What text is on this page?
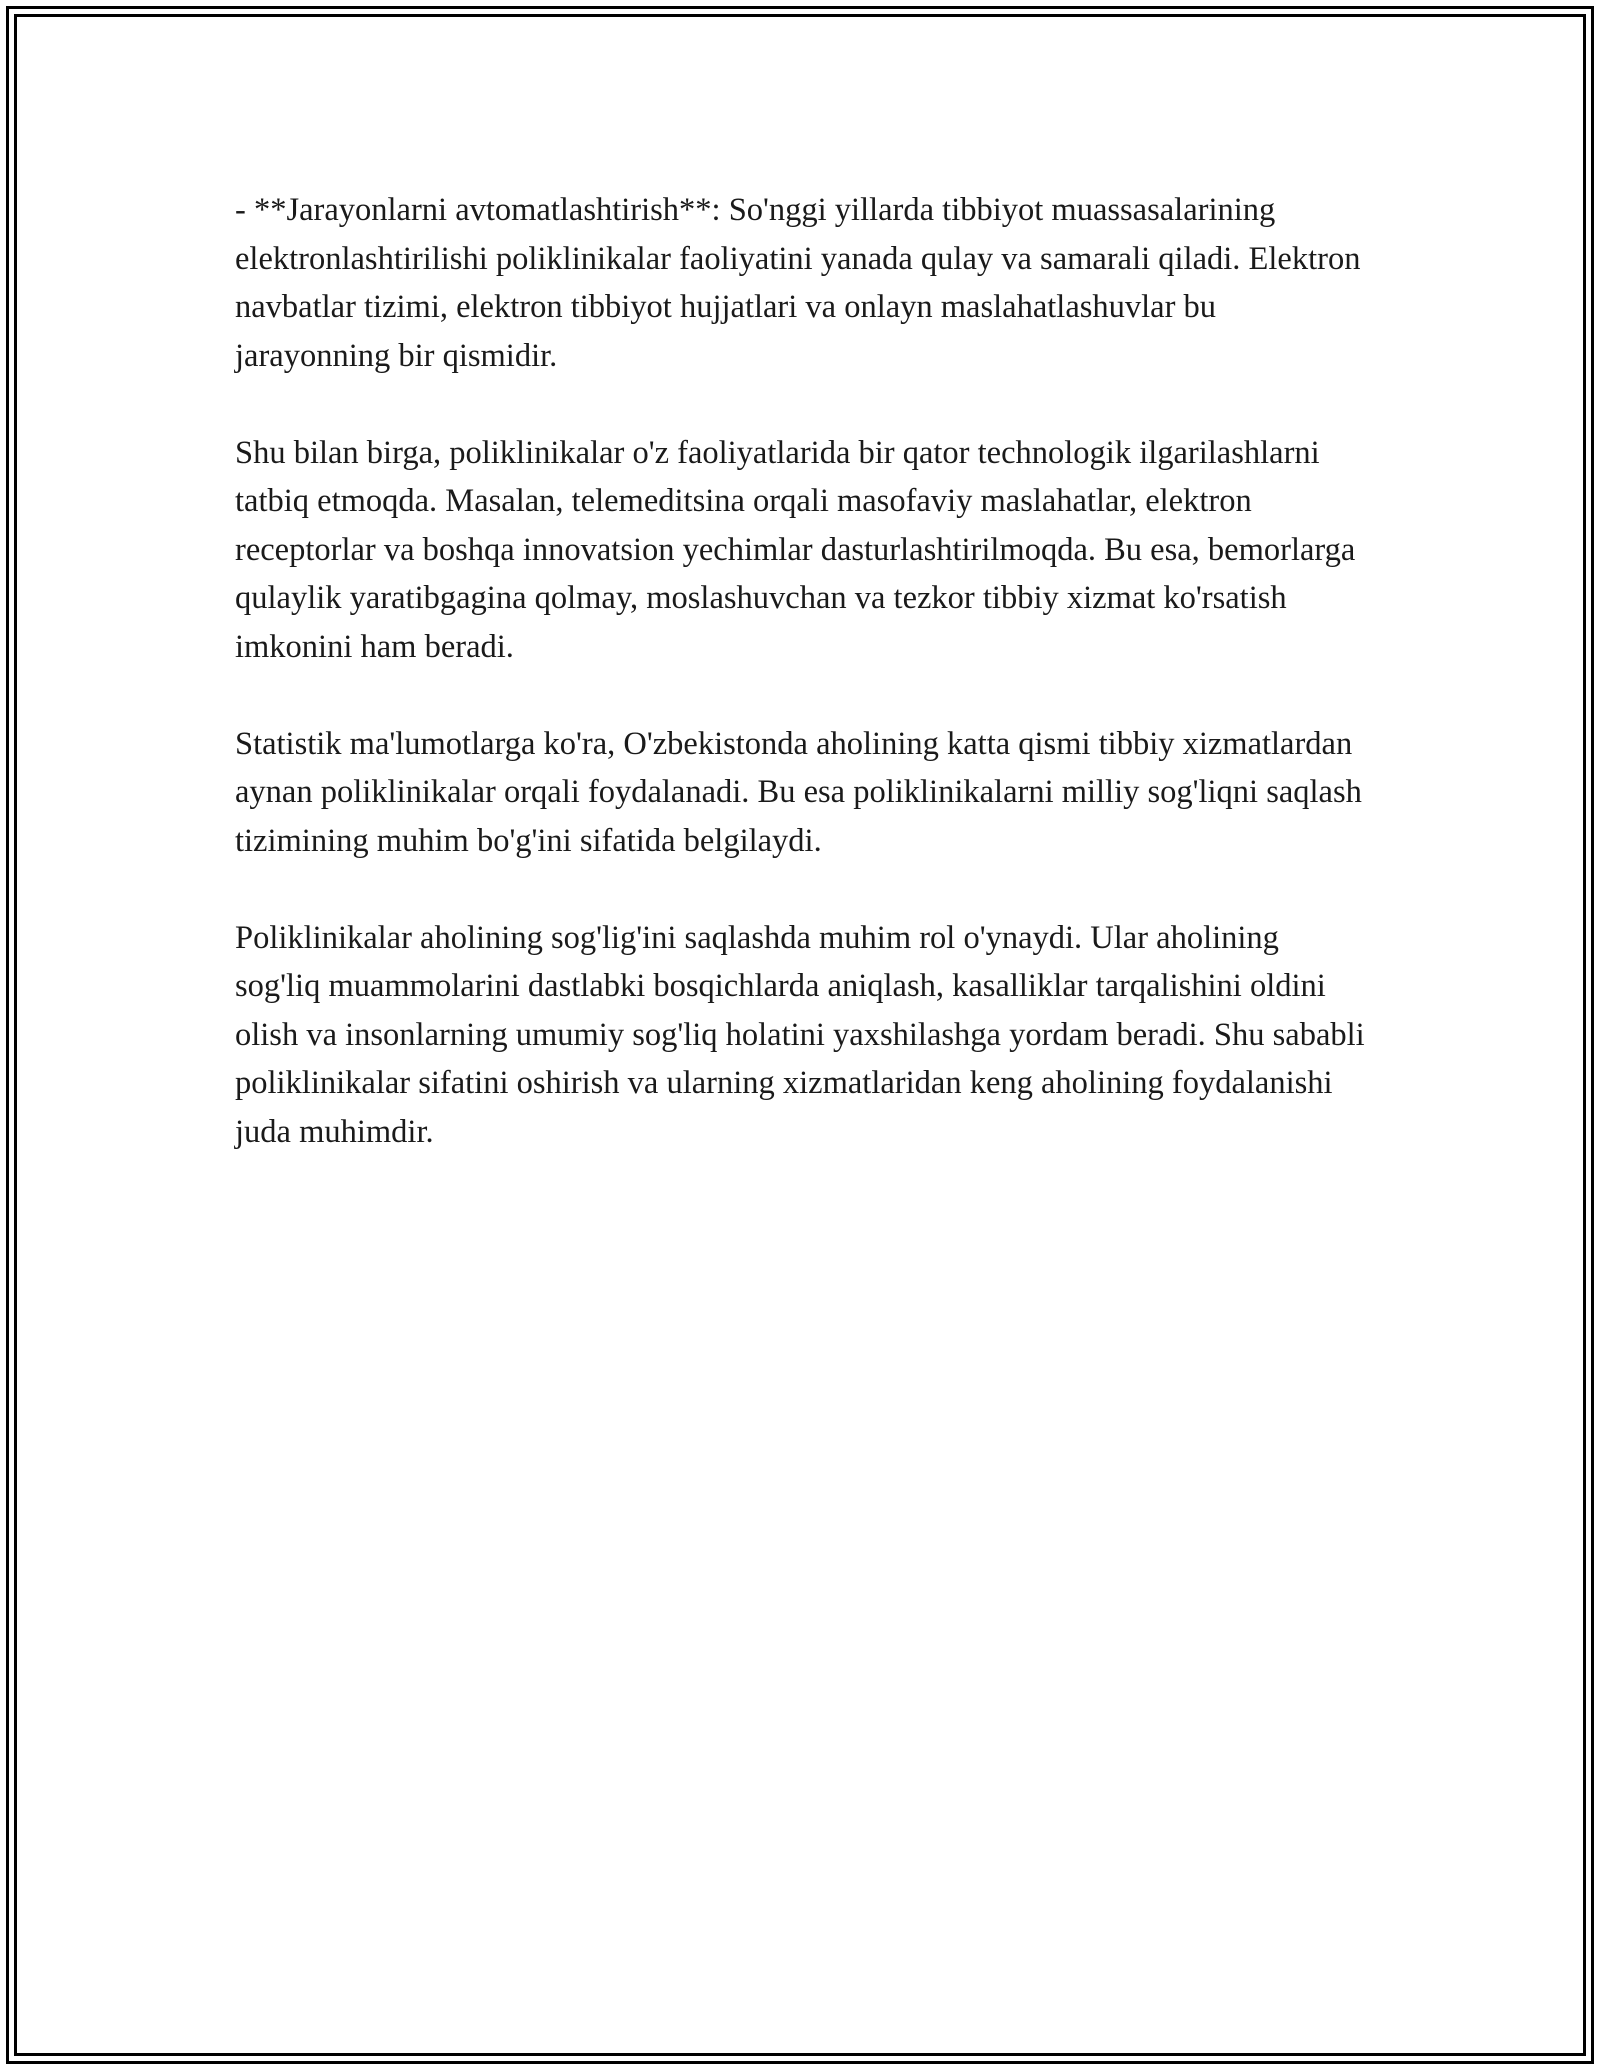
- **Jarayonlarni avtomatlashtirish**: So'nggi yillarda tibbiyot muassasalarining elektronlashtirilishi poliklinikalar faoliyatini yanada qulay va samarali qiladi. Elektron navbatlar tizimi, elektron tibbiyot hujjatlari va onlayn maslahatlashuvlar bu jarayonning bir qismidir.

Shu bilan birga, poliklinikalar o'z faoliyatlarida bir qator technologik ilgarilashlarni tatbiq etmoqda. Masalan, telemeditsina orqali masofaviy maslahatlar, elektron receptorlar va boshqa innovatsion yechimlar dasturlashtirilmoqda. Bu esa, bemorlarga qulaylik yaratibgagina qolmay, moslashuvchan va tezkor tibbiy xizmat ko'rsatish imkonini ham beradi.

Statistik ma'lumotlarga ko'ra, O'zbekistonda aholining katta qismi tibbiy xizmatlardan aynan poliklinikalar orqali foydalanadi. Bu esa poliklinikalarni milliy sog'liqni saqlash tizimining muhim bo'g'ini sifatida belgilaydi.

Poliklinikalar aholining sog'lig'ini saqlashda muhim rol o'ynaydi. Ular aholining sog'liq muammolarini dastlabki bosqichlarda aniqlash, kasalliklar tarqalishini oldini olish va insonlarning umumiy sog'liq holatini yaxshilashga yordam beradi. Shu sababli poliklinikalar sifatini oshirish va ularning xizmatlaridan keng aholining foydalanishi juda muhimdir.
